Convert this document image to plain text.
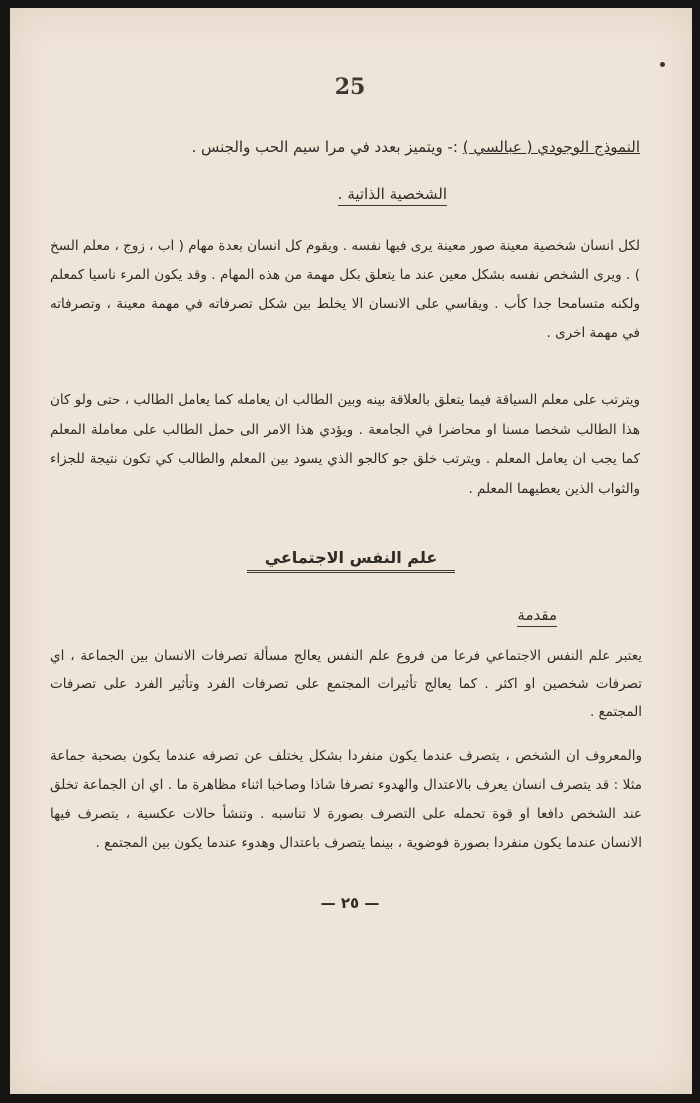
25
النموذج الوجودي ( عبالسي ) :- ويتميز بعدد في مرا سيم الحب والجنس .
الشخصية الذاتية .
لكل انسان شخصية معينة صور معينة يرى فيها نفسه . ويقوم كل انسان بعدة مهام ( اب ، زوج ، معلم السخ ) . ويرى الشخص نفسه بشكل معين عند ما يتعلق بكل مهمة من هذه المهام . وقد يكون المرء ناسيا كمعلم ولكنه متسامحا جدا كأب . ويقاسي على الانسان الا يخلط بين شكل تصرفاته في مهمة معينة ، وتصرفاته في مهمة اخرى .
ويترتب على معلم السياقة فيما يتعلق بالعلاقة بينه وبين الطالب ان يعامله كما يعامل الطالب ، حتى ولو كان هذا الطالب شخصا مسنا او محاضرا في الجامعة . ويؤدي هذا الامر الى حمل الطالب على معاملة المعلم كما يجب ان يعامل المعلم . ويترتب خلق جو كالجو الذي يسود بين المعلم والطالب كي تكون نتيجة للجزاء والثواب الذين يعطيهما المعلم .
علم النفس الاجتماعي
مقدمة
يعتبر علم النفس الاجتماعي فرعا من فروع علم النفس يعالج مسألة تصرفات الانسان بين الجماعة ، اي تصرفات شخصين او اكثر . كما يعالج تأثيرات المجتمع على تصرفات الفرد وتأثير الفرد على تصرفات المجتمع .
والمعروف ان الشخص ، يتصرف عندما يكون منفردا بشكل يختلف عن تصرفه عندما يكون بصحبة جماعة مثلا : قد يتصرف انسان يعرف بالاعتدال والهدوء تصرفا شاذا وصاخبا اثناء مظاهرة ما . اي ان الجماعة تخلق عند الشخص دافعا او قوة تحمله على التصرف بصورة لا تناسبه . وتنشأ حالات عكسية ، يتصرف فيها الانسان عندما يكون منفردا بصورة فوضوية ، بينما يتصرف باعتدال وهدوء عندما يكون بين المجتمع .
— ٢٥ —
